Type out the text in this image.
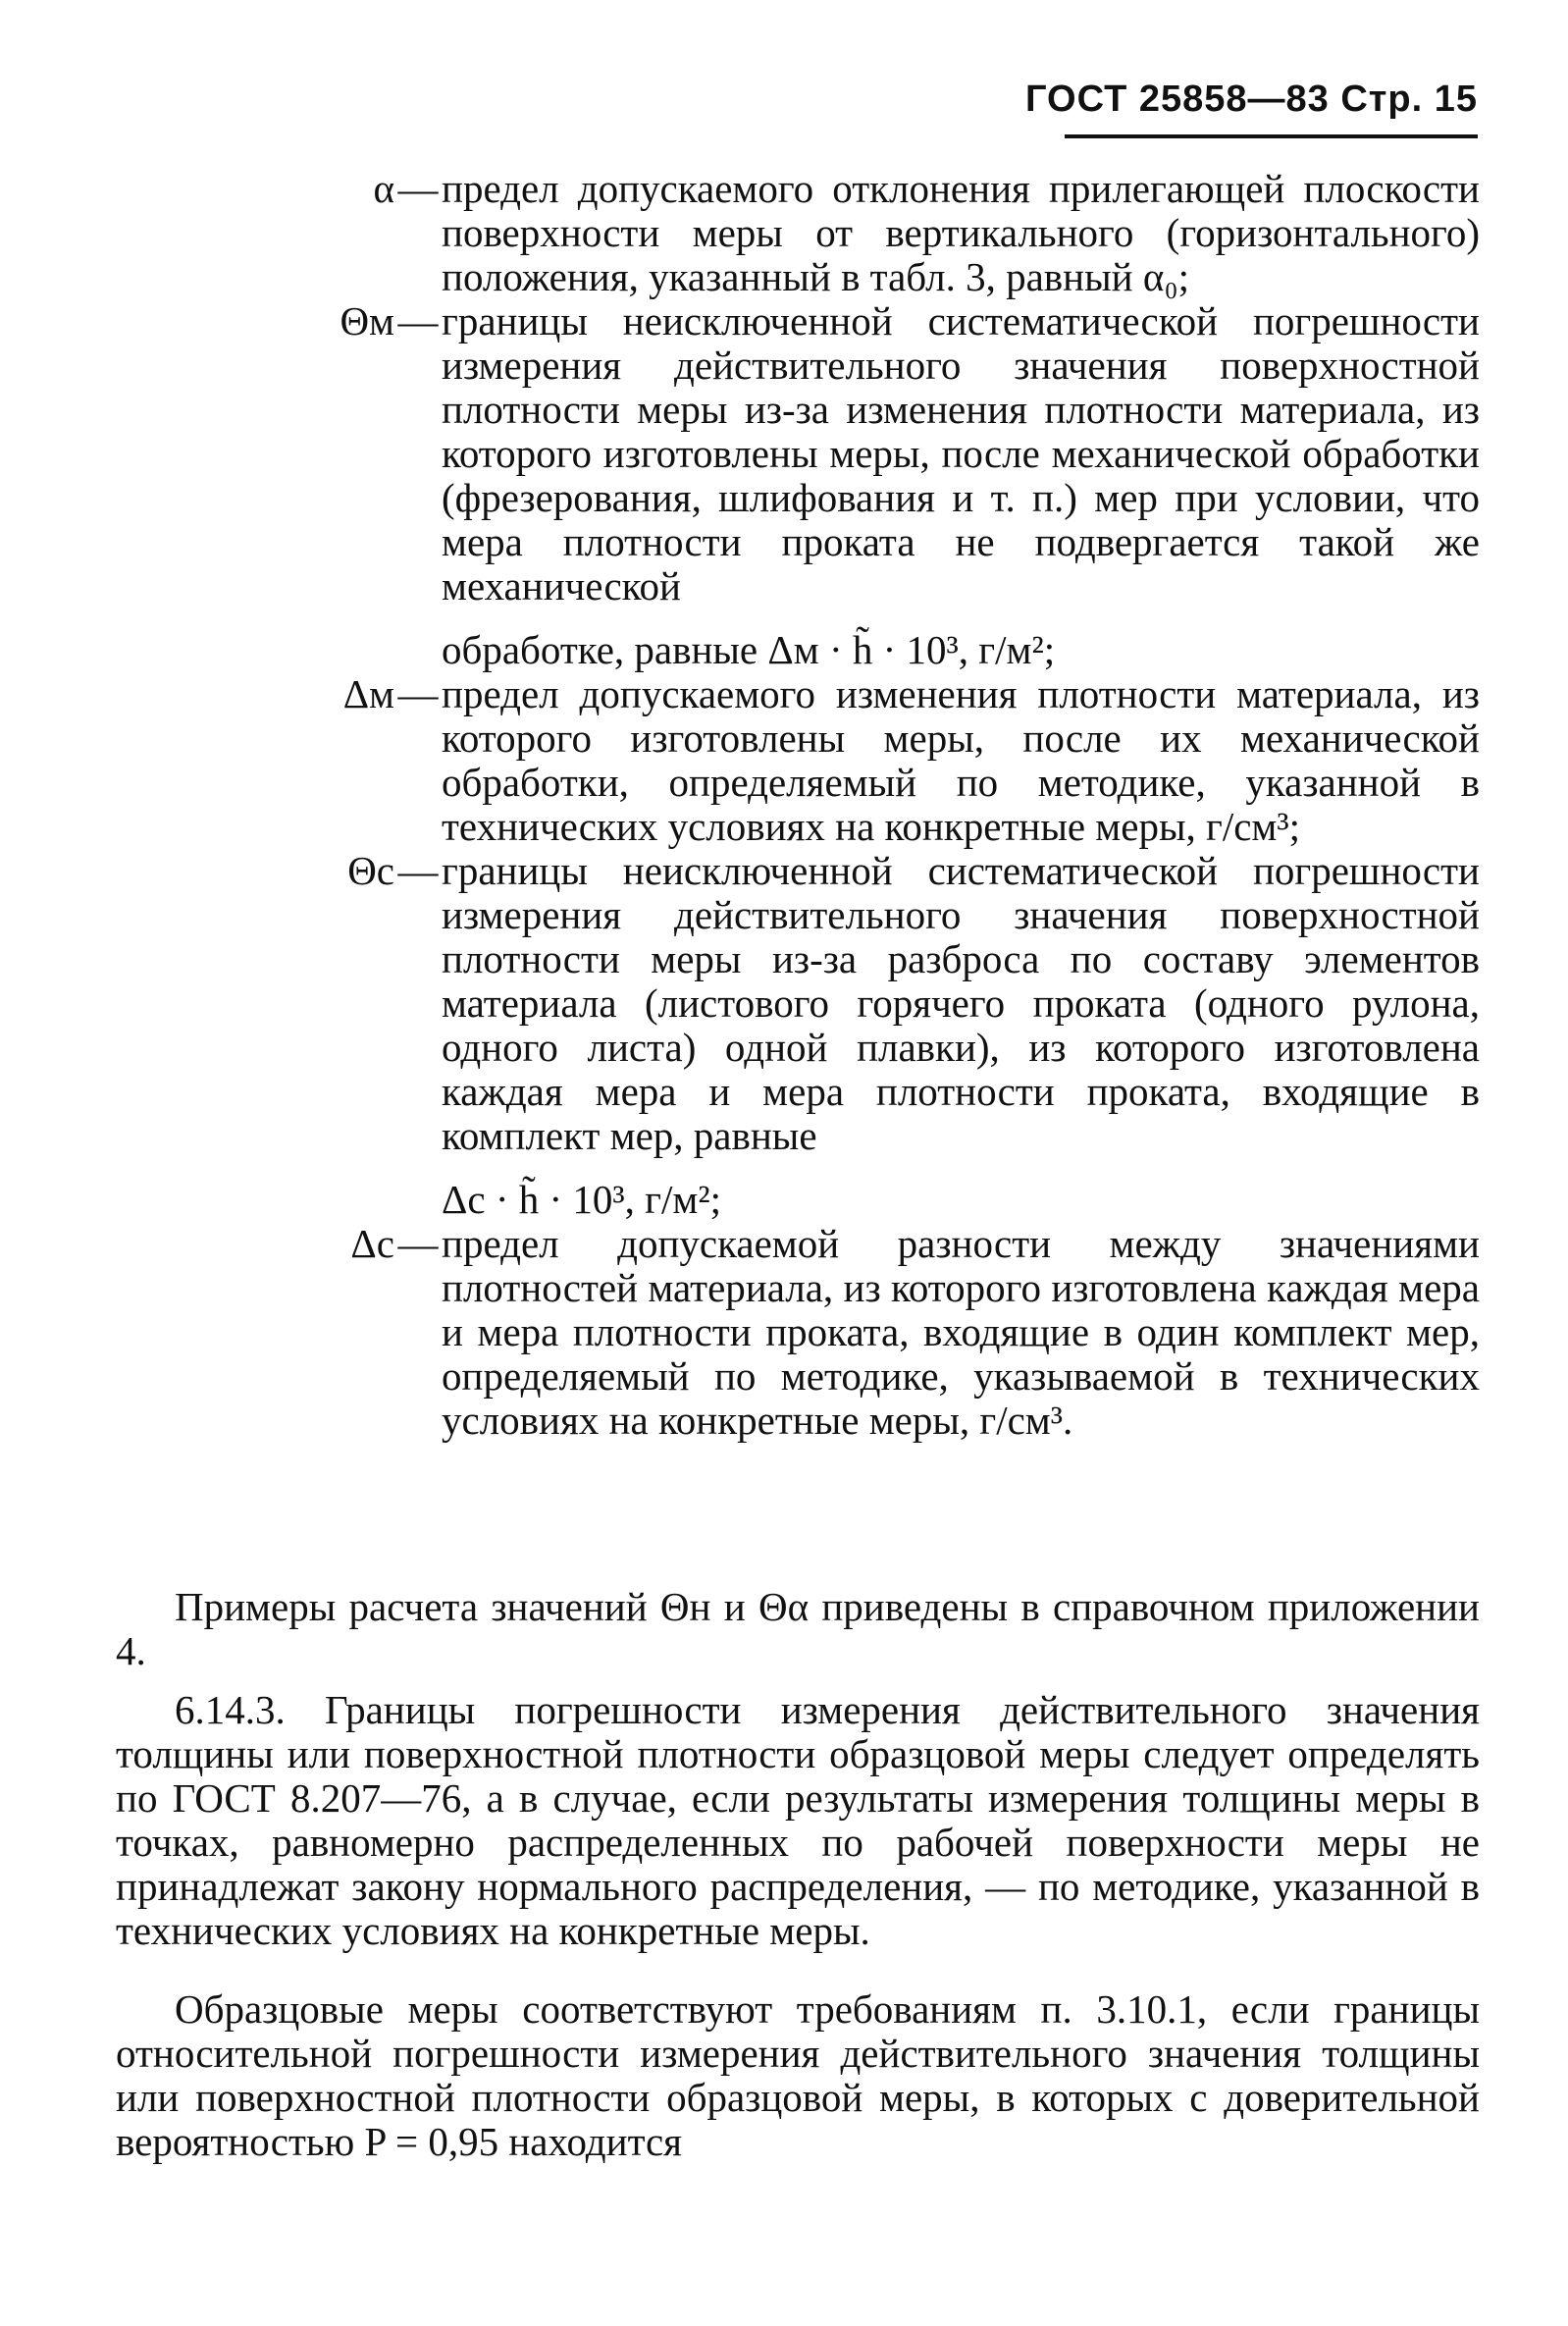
ГОСТ 25858—83 Стр. 15
α — предел допускаемого отклонения прилегающей плоскости поверхности меры от вертикального (горизонтального) положения, указанный в табл. 3, равный α₀;
Θм — границы неисключенной систематической погрешности измерения действительного значения поверхностной плотности меры из-за изменения плотности материала, из которого изготовлены меры, после механической обработки (фрезерования, шлифования и т. п.) мер при условии, что мера плотности проката не подвергается такой же механической
обработке, равные Δм · h̃ · 10³, г/м²;
Δм — предел допускаемого изменения плотности материала, из которого изготовлены меры, после их механической обработки, определяемый по методике, указанной в технических условиях на конкретные меры, г/см³;
Θс — границы неисключенной систематической погрешности измерения действительного значения поверхностной плотности меры из-за разброса по составу элементов материала (листового горячего проката (одного рулона, одного листа) одной плавки), из которого изготовлена каждая мера и мера плотности проката, входящие в комплект мер, равные
Δс · h̃ · 10³, г/м²;
Δс — предел допускаемой разности между значениями плотностей материала, из которого изготовлена каждая мера и мера плотности проката, входящие в один комплект мер, определяемый по методике, указываемой в технических условиях на конкретные меры, г/см³.
Примеры расчета значений Θн и Θα приведены в справочном приложении 4.
6.14.3. Границы погрешности измерения действительного значения толщины или поверхностной плотности образцовой меры следует определять по ГОСТ 8.207—76, а в случае, если результаты измерения толщины меры в точках, равномерно распределенных по рабочей поверхности меры не принадлежат закону нормального распределения, — по методике, указанной в технических условиях на конкретные меры.
Образцовые меры соответствуют требованиям п. 3.10.1, если границы относительной погрешности измерения действительного значения толщины или поверхностной плотности образцовой меры, в которых с доверительной вероятностью P = 0,95 находится
